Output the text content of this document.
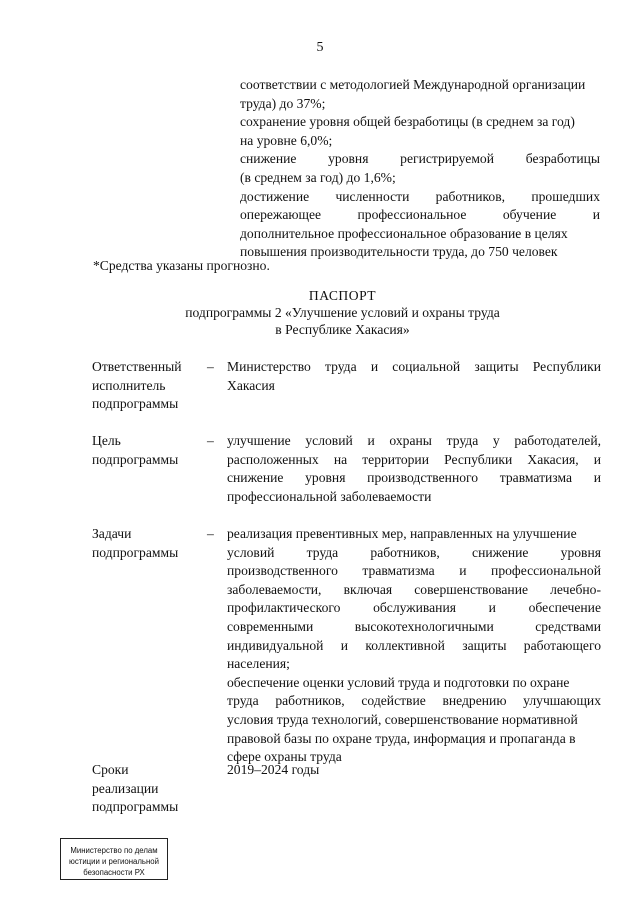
5
соответствии с методологией Международной организации
труда) до 37%;
сохранение уровня общей безработицы (в среднем за год)
на уровне 6,0%;
снижение уровня регистрируемой безработицы
(в среднем за год) до 1,6%;
достижение численности работников, прошедших
опережающее профессиональное обучение и
дополнительное профессиональное образование в целях
повышения производительности труда, до 750 человек
*Средства указаны прогнозно.
ПАСПОРТ
подпрограммы 2 «Улучшение условий и охраны труда
в Республике Хакасия»
Ответственный
исполнитель
подпрограммы
– Министерство труда и социальной защиты Республики
Хакасия
Цель
подпрограммы
– улучшение условий и охраны труда у работодателей,
расположенных на территории Республики Хакасия, и
снижение уровня производственного травматизма и
профессиональной заболеваемости
Задачи
подпрограммы
– реализация превентивных мер, направленных на улучшение
условий труда работников, снижение уровня
производственного травматизма и профессиональной
заболеваемости, включая совершенствование лечебно-
профилактического обслуживания и обеспечение
современными высокотехнологичными средствами
индивидуальной и коллективной защиты работающего
населения;
обеспечение оценки условий труда и подготовки по охране
труда работников, содействие внедрению улучшающих
условия труда технологий, совершенствование нормативной
правовой базы по охране труда, информация и пропаганда в
сфере охраны труда
Сроки
реализации
подпрограммы
2019–2024 годы
Министерство по делам
юстиции и региональной
безопасности РХ
